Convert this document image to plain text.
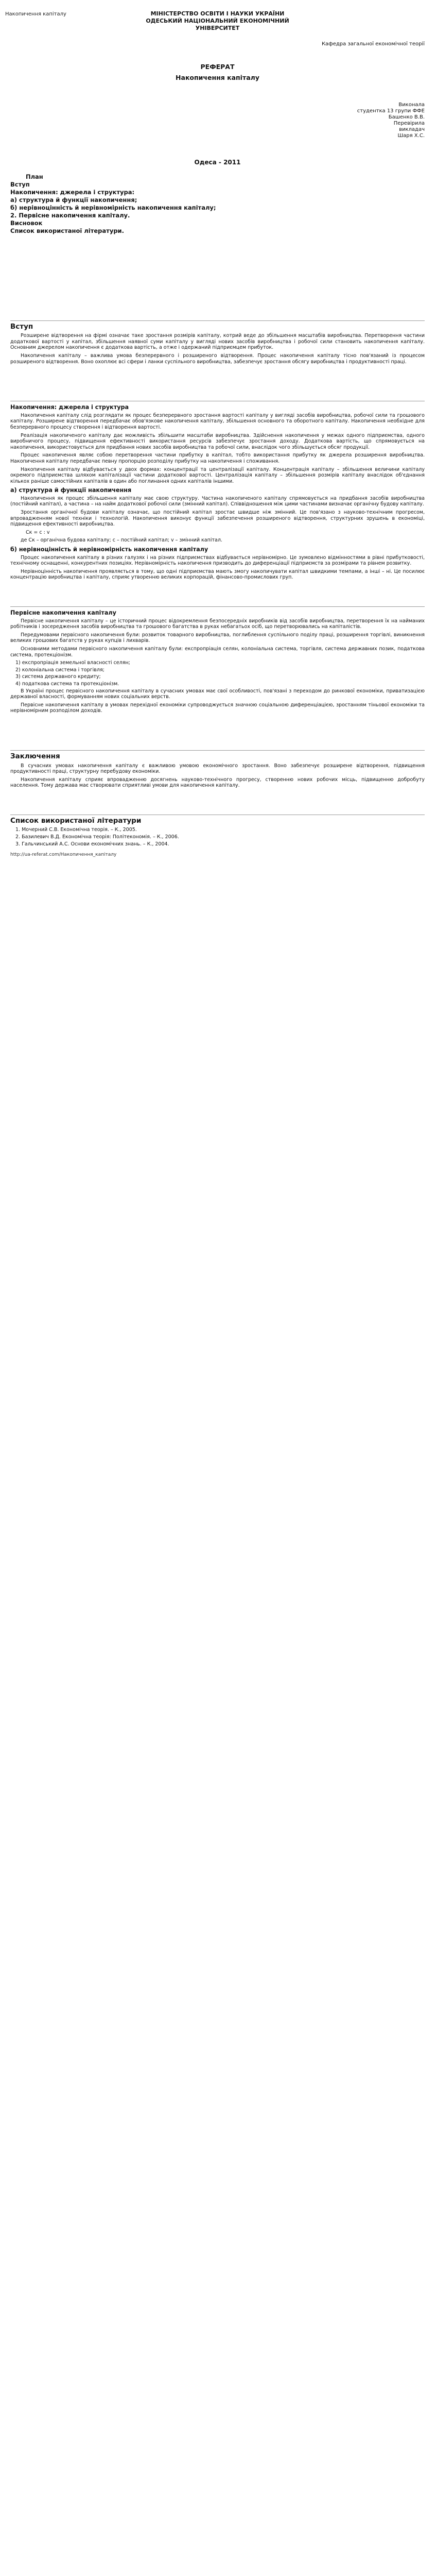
Накопичення капіталу	МІНІСТЕРСТВО ОСВІТИ І НАУКИ УКРАЇНИ
ОДЕСЬКИЙ НАЦІОНАЛЬНИЙ ЕКОНОМІЧНИЙ
УНІВЕРСИТЕТ
Кафедра загальної економічної теорії
РЕФЕРАТ
Накопичення капіталу
Виконала
студентка 13 групи ФФЕ
Башенко В.В.
Перевірила
викладач
Шаря Х.С.
Одеса - 2011
План
Вступ
Накопичення: джерела і структура:
а) структура й функції накопичення;
б) нерівноцінність й нерівномірність накопичення капіталу;
2. Первісне накопичення капіталу.
Висновок
Список використаної літератури.
Вступ

Розширене відтворення на фірмі означає таке зростання розмірів капіталу, котрий веде до збільшення масштабів виробництва. Перетворення частини додаткової вартості у капітал, збільшення наявної суми капіталу у вигляді нових засобів виробництва і робочої сили становить накопичення капіталу. Основним джерелом накопичення є додаткова вартість, а отже і одержаний підприємцем прибуток.

Накопичення капіталу – важлива умова безперервного і розширеного відтворення. Процес накопичення капіталу тісно пов'язаний із процесом розширеного відтворення. Воно охоплює всі сфери і ланки суспільного виробництва, забезпечує зростання обсягу виробництва і продуктивності праці.

Накопичення: джерела і структура

Накопичення капіталу слід розглядати як процес безперервного зростання вартості капіталу у вигляді засобів виробництва, робочої сили та грошового капіталу. Розширене відтворення передбачає обов'язкове накопичення капіталу, збільшення основного та оборотного капіталу. Накопичення необхідне для безперервного процесу створення і відтворення вартості.

Реалізація накопиченого капіталу дає можливість збільшити масштаби виробництва. Здійснення накопичення у межах одного підприємства, одного виробничого процесу, підвищення ефективності використання ресурсів забезпечує зростання доходу. Додаткова вартість, що спрямовується на накопичення, використовується для придбання нових засобів виробництва та робочої сили, внаслідок чого збільшується обсяг продукції.

Процес накопичення являє собою перетворення частини прибутку в капітал, тобто використання прибутку як джерела розширення виробництва. Накопичення капіталу передбачає певну пропорцію розподілу прибутку на накопичення і споживання.

Накопичення капіталу відбувається у двох формах: концентрації та централізації капіталу. Концентрація капіталу – збільшення величини капіталу окремого підприємства шляхом капіталізації частини додаткової вартості. Централізація капіталу – збільшення розмірів капіталу внаслідок об'єднання кількох раніше самостійних капіталів в один або поглинання одних капіталів іншими.

а) структура й функції накопичення

Накопичення як процес збільшення капіталу має свою структуру. Частина накопиченого капіталу спрямовується на придбання засобів виробництва (постійний капітал), а частина – на найм додаткової робочої сили (змінний капітал). Співвідношення між цими частинами визначає органічну будову капіталу.

Зростання органічної будови капіталу означає, що постійний капітал зростає швидше ніж змінний. Це пов'язано з науково-технічним прогресом, впровадженням нової техніки і технологій. Накопичення виконує функції забезпечення розширеного відтворення, структурних зрушень в економіці, підвищення ефективності виробництва.

Ск = c : v

де Ск – органічна будова капіталу; c – постійний капітал; v – змінний капітал.

б) нерівноцінність й нерівномірність накопичення капіталу

Процес накопичення капіталу в різних галузях і на різних підприємствах відбувається нерівномірно. Це зумовлено відмінностями в рівні прибутковості, технічному оснащенні, конкурентних позиціях. Нерівномірність накопичення призводить до диференціації підприємств за розмірами та рівнем розвитку.

Нерівноцінність накопичення проявляється в тому, що одні підприємства мають змогу накопичувати капітал швидкими темпами, а інші – ні. Це посилює концентрацію виробництва і капіталу, сприяє утворенню великих корпорацій, фінансово-промислових груп.

Первісне накопичення капіталу

Первісне накопичення капіталу – це історичний процес відокремлення безпосередніх виробників від засобів виробництва, перетворення їх на найманих робітників і зосередження засобів виробництва та грошового багатства в руках небагатьох осіб, що перетворювались на капіталістів.

Передумовами первісного накопичення були: розвиток товарного виробництва, поглиблення суспільного поділу праці, розширення торгівлі, виникнення великих грошових багатств у руках купців і лихварів.

Основними методами первісного накопичення капіталу були: експропріація селян, колоніальна система, торгівля, система державних позик, податкова система, протекціонізм.

1) експропріація земельної власності селян;
2) колоніальна система і торгівля;
3) система державного кредиту;
4) податкова система та протекціонізм.

В Україні процес первісного накопичення капіталу в сучасних умовах має свої особливості, пов'язані з переходом до ринкової економіки, приватизацією державної власності, формуванням нових соціальних верств.

Первісне накопичення капіталу в умовах перехідної економіки супроводжується значною соціальною диференціацією, зростанням тіньової економіки та нерівномірним розподілом доходів.

Заключення

В сучасних умовах накопичення капіталу є важливою умовою економічного зростання. Воно забезпечує розширене відтворення, підвищення продуктивності праці, структурну перебудову економіки.

Накопичення капіталу сприяє впровадженню досягнень науково-технічного прогресу, створенню нових робочих місць, підвищенню добробуту населення. Тому держава має створювати сприятливі умови для накопичення капіталу.

Список використаної літератури
1. Мочерний С.В. Економічна теорія. – К., 2005.
2. Базилевич В.Д. Економічна теорія: Політекономія. – К., 2006.
3. Гальчинський А.С. Основи економічних знань. – К., 2004.
http://ua-referat.com/Накопичення_капіталу
